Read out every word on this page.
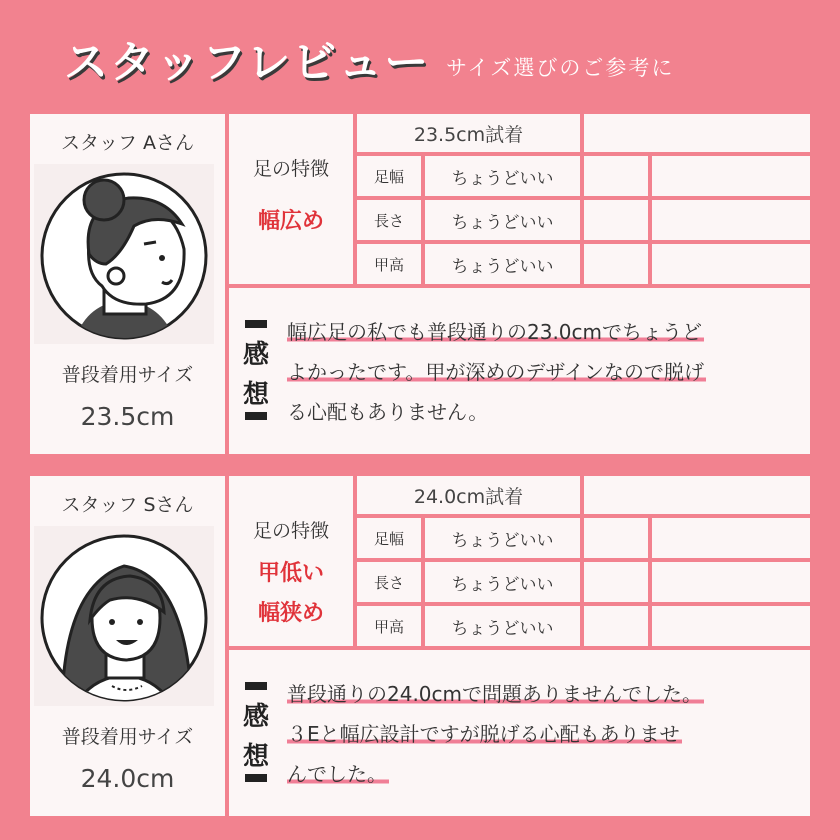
スタッフレビュー サイズ選びのご参考に
スタッフ Aさん
普段着用サイズ
23.5cm
足の特徴
幅広め
23.5cm試着
足幅	ちょうどいい
長さ	ちょうどいい
甲高	ちょうどいい
感
想
幅広足の私でも普段通りの23.0cmでちょうど
よかったです。甲が深めのデザインなので脱げ
る心配もありません。
スタッフ Sさん
普段着用サイズ
24.0cm
足の特徴
甲低い
幅狭め
24.0cm試着
足幅	ちょうどいい
長さ	ちょうどいい
甲高	ちょうどいい
感
想
普段通りの24.0cmで問題ありませんでした。
３Eと幅広設計ですが脱げる心配もありませ
んでした。
